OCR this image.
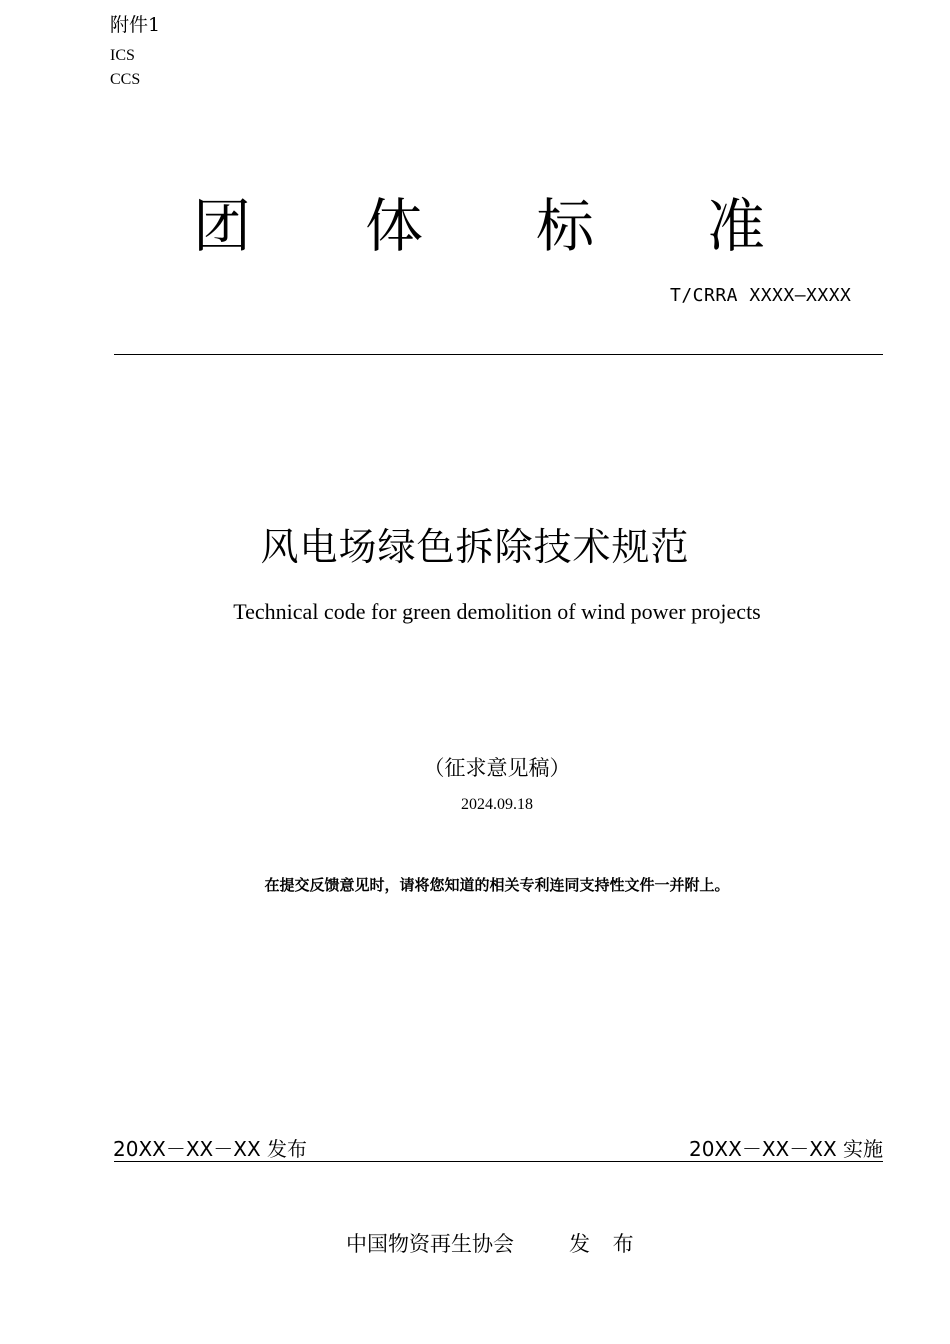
附件1
ICS
CCS
团 体 标 准
T/CRRA XXXX—XXXX
风电场绿色拆除技术规范
Technical code for green demolition of wind power projects
（征求意见稿）
2024.09.18
在提交反馈意见时，请将您知道的相关专利连同支持性文件一并附上。
20XX－XX－XX 发布	20XX－XX－XX 实施
中国物资再生协会	发 布
